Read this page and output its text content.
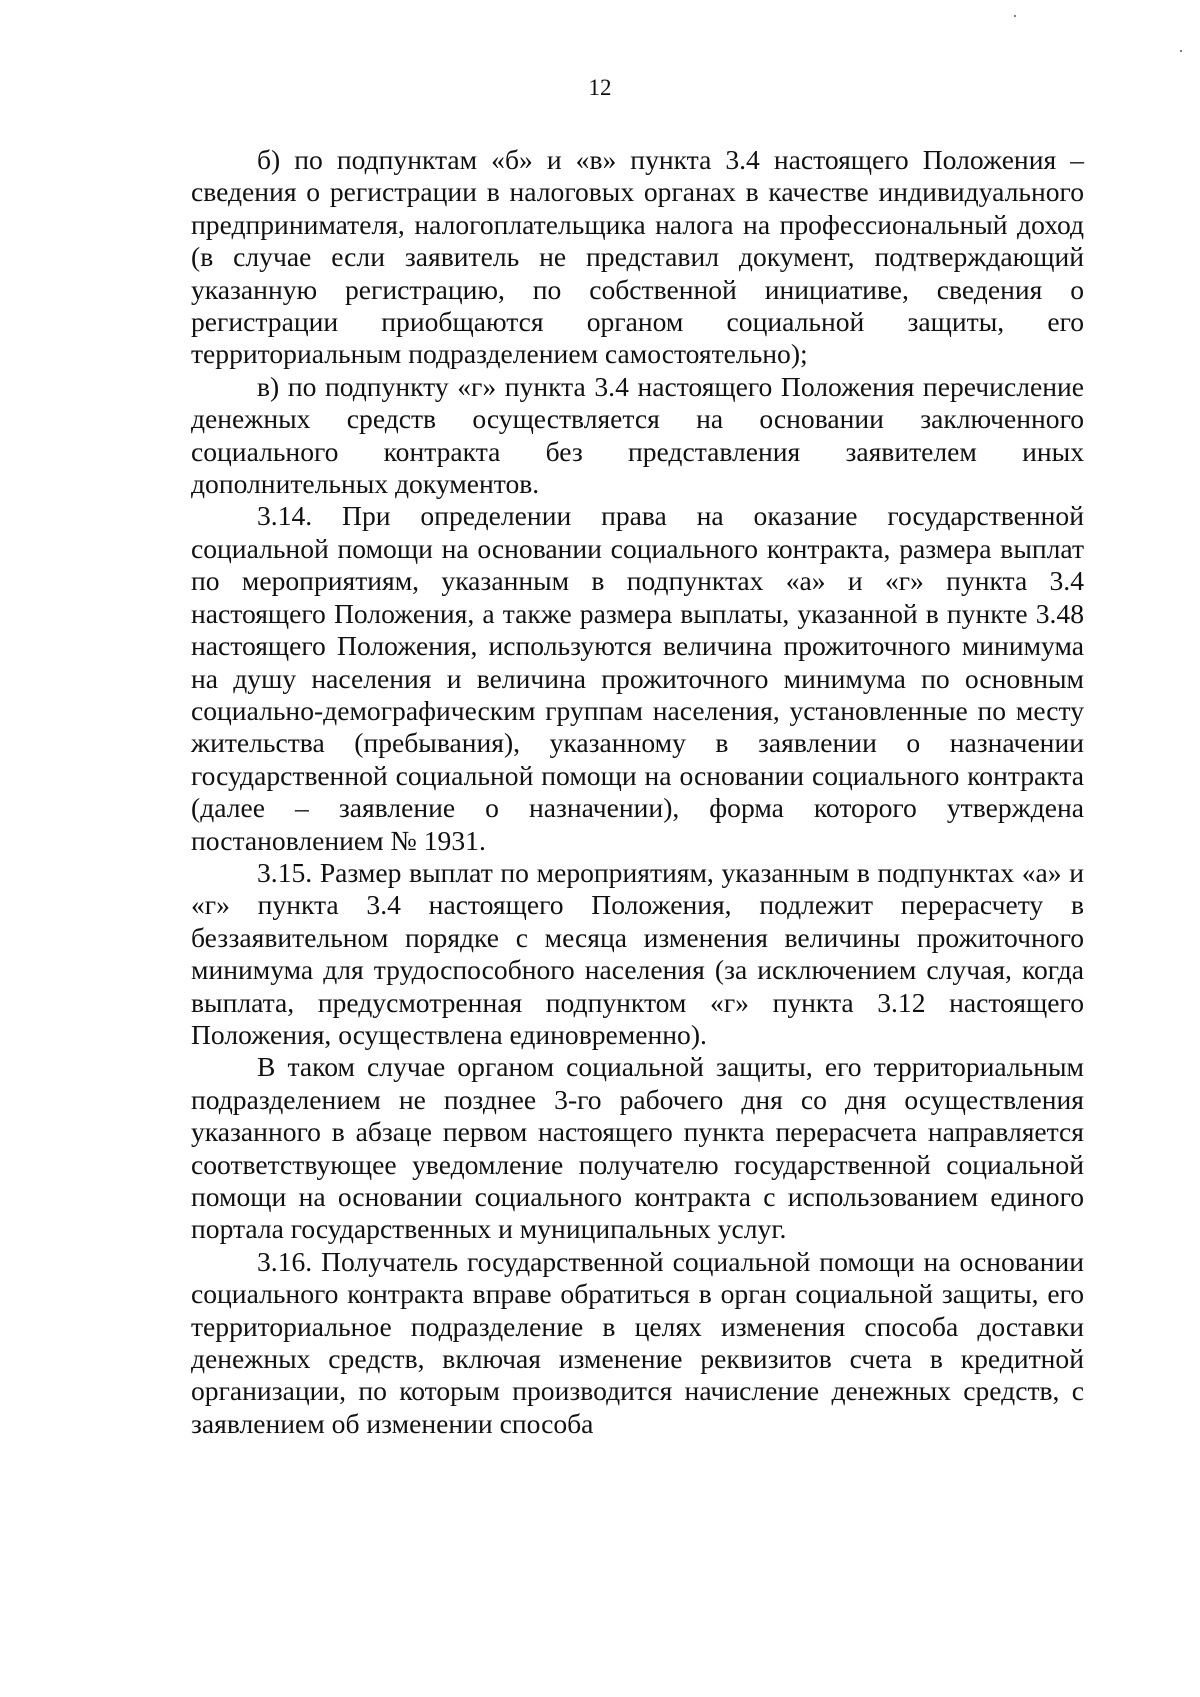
12

б) по подпунктам «б» и «в» пункта 3.4 настоящего Положения – сведения о регистрации в налоговых органах в качестве индивидуального предпринимателя, налогоплательщика налога на профессиональный доход (в случае если заявитель не представил документ, подтверждающий указанную регистрацию, по собственной инициативе, сведения о регистрации приобщаются органом социальной защиты, его территориальным подразделением самостоятельно);

в) по подпункту «г» пункта 3.4 настоящего Положения перечисление денежных средств осуществляется на основании заключенного социального контракта без представления заявителем иных дополнительных документов.

3.14. При определении права на оказание государственной социальной помощи на основании социального контракта, размера выплат по мероприятиям, указанным в подпунктах «а» и «г» пункта 3.4 настоящего Положения, а также размера выплаты, указанной в пункте 3.48 настоящего Положения, используются величина прожиточного минимума на душу населения и величина прожиточного минимума по основным социально-демографическим группам населения, установленные по месту жительства (пребывания), указанному в заявлении о назначении государственной социальной помощи на основании социального контракта (далее – заявление о назначении), форма которого утверждена постановлением № 1931.

3.15. Размер выплат по мероприятиям, указанным в подпунктах «а» и «г» пункта 3.4 настоящего Положения, подлежит перерасчету в беззаявительном порядке с месяца изменения величины прожиточного минимума для трудоспособного населения (за исключением случая, когда выплата, предусмотренная подпунктом «г» пункта 3.12 настоящего Положения, осуществлена единовременно).

В таком случае органом социальной защиты, его территориальным подразделением не позднее 3-го рабочего дня со дня осуществления указанного в абзаце первом настоящего пункта перерасчета направляется соответствующее уведомление получателю государственной социальной помощи на основании социального контракта с использованием единого портала государственных и муниципальных услуг.

3.16. Получатель государственной социальной помощи на основании социального контракта вправе обратиться в орган социальной защиты, его территориальное подразделение в целях изменения способа доставки денежных средств, включая изменение реквизитов счета в кредитной организации, по которым производится начисление денежных средств, с заявлением об изменении способа
